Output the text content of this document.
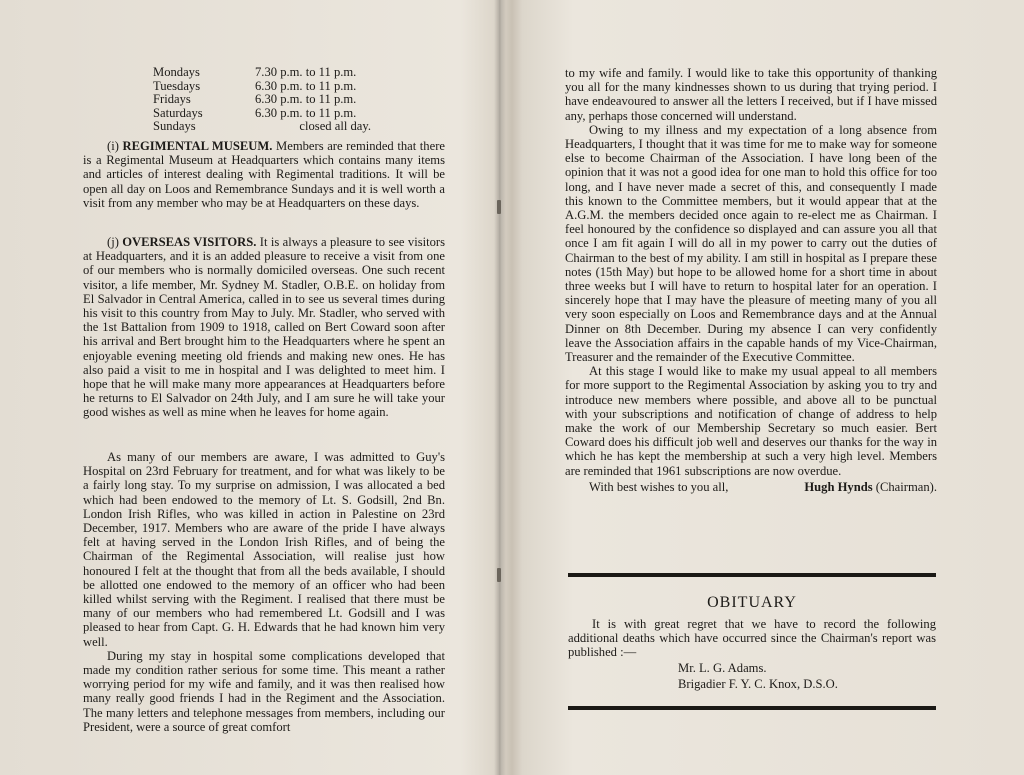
Mondays	7.30 p.m. to 11 p.m.
Tuesdays	6.30 p.m. to 11 p.m.
Fridays	6.30 p.m. to 11 p.m.
Saturdays	6.30 p.m. to 11 p.m.
Sundays	closed all day.

(i) REGIMENTAL MUSEUM. Members are reminded that there is a Regimental Museum at Headquarters which contains many items and articles of interest dealing with Regimental traditions. It will be open all day on Loos and Remembrance Sundays and it is well worth a visit from any member who may be at Headquarters on these days.

(j) OVERSEAS VISITORS. It is always a pleasure to see visitors at Headquarters, and it is an added pleasure to receive a visit from one of our members who is normally domiciled overseas. One such recent visitor, a life member, Mr. Sydney M. Stadler, O.B.E. on holiday from El Salvador in Central America, called in to see us several times during his visit to this country from May to July. Mr. Stadler, who served with the 1st Battalion from 1909 to 1918, called on Bert Coward soon after his arrival and Bert brought him to the Headquarters where he spent an enjoyable evening meeting old friends and making new ones. He has also paid a visit to me in hospital and I was delighted to meet him. I hope that he will make many more appearances at Headquarters before he returns to El Salvador on 24th July, and I am sure he will take your good wishes as well as mine when he leaves for home again.

As many of our members are aware, I was admitted to Guy's Hospital on 23rd February for treatment, and for what was likely to be a fairly long stay. To my surprise on admission, I was allocated a bed which had been endowed to the memory of Lt. S. Godsill, 2nd Bn. London Irish Rifles, who was killed in action in Palestine on 23rd December, 1917. Members who are aware of the pride I have always felt at having served in the London Irish Rifles, and of being the Chairman of the Regimental Association, will realise just how honoured I felt at the thought that from all the beds available, I should be allotted one endowed to the memory of an officer who had been killed whilst serving with the Regiment. I realised that there must be many of our members who had remembered Lt. Godsill and I was pleased to hear from Capt. G. H. Edwards that he had known him very well.

During my stay in hospital some complications developed that made my condition rather serious for some time. This meant a rather worrying period for my wife and family, and it was then realised how many really good friends I had in the Regiment and the Association. The many letters and telephone messages from members, including our President, were a source of great comfort

to my wife and family. I would like to take this opportunity of thanking you all for the many kindnesses shown to us during that trying period. I have endeavoured to answer all the letters I received, but if I have missed any, perhaps those concerned will understand.

Owing to my illness and my expectation of a long absence from Headquarters, I thought that it was time for me to make way for someone else to become Chairman of the Association. I have long been of the opinion that it was not a good idea for one man to hold this office for too long, and I have never made a secret of this, and consequently I made this known to the Committee members, but it would appear that at the A.G.M. the members decided once again to re-elect me as Chairman. I feel honoured by the confidence so displayed and can assure you all that once I am fit again I will do all in my power to carry out the duties of Chairman to the best of my ability. I am still in hospital as I prepare these notes (15th May) but hope to be allowed home for a short time in about three weeks but I will have to return to hospital later for an operation. I sincerely hope that I may have the pleasure of meeting many of you all very soon especially on Loos and Remembrance days and at the Annual Dinner on 8th December. During my absence I can very confidently leave the Association affairs in the capable hands of my Vice-Chairman, Treasurer and the remainder of the Executive Committee.

At this stage I would like to make my usual appeal to all members for more support to the Regimental Association by asking you to try and introduce new members where possible, and above all to be punctual with your subscriptions and notification of change of address to help make the work of our Membership Secretary so much easier. Bert Coward does his difficult job well and deserves our thanks for the way in which he has kept the membership at such a very high level. Members are reminded that 1961 subscriptions are now overdue.

With best wishes to you all,	Hugh Hynds (Chairman).
OBITUARY

It is with great regret that we have to record the following additional deaths which have occurred since the Chairman's report was published :—

Mr. L. G. Adams.
Brigadier F. Y. C. Knox, D.S.O.
